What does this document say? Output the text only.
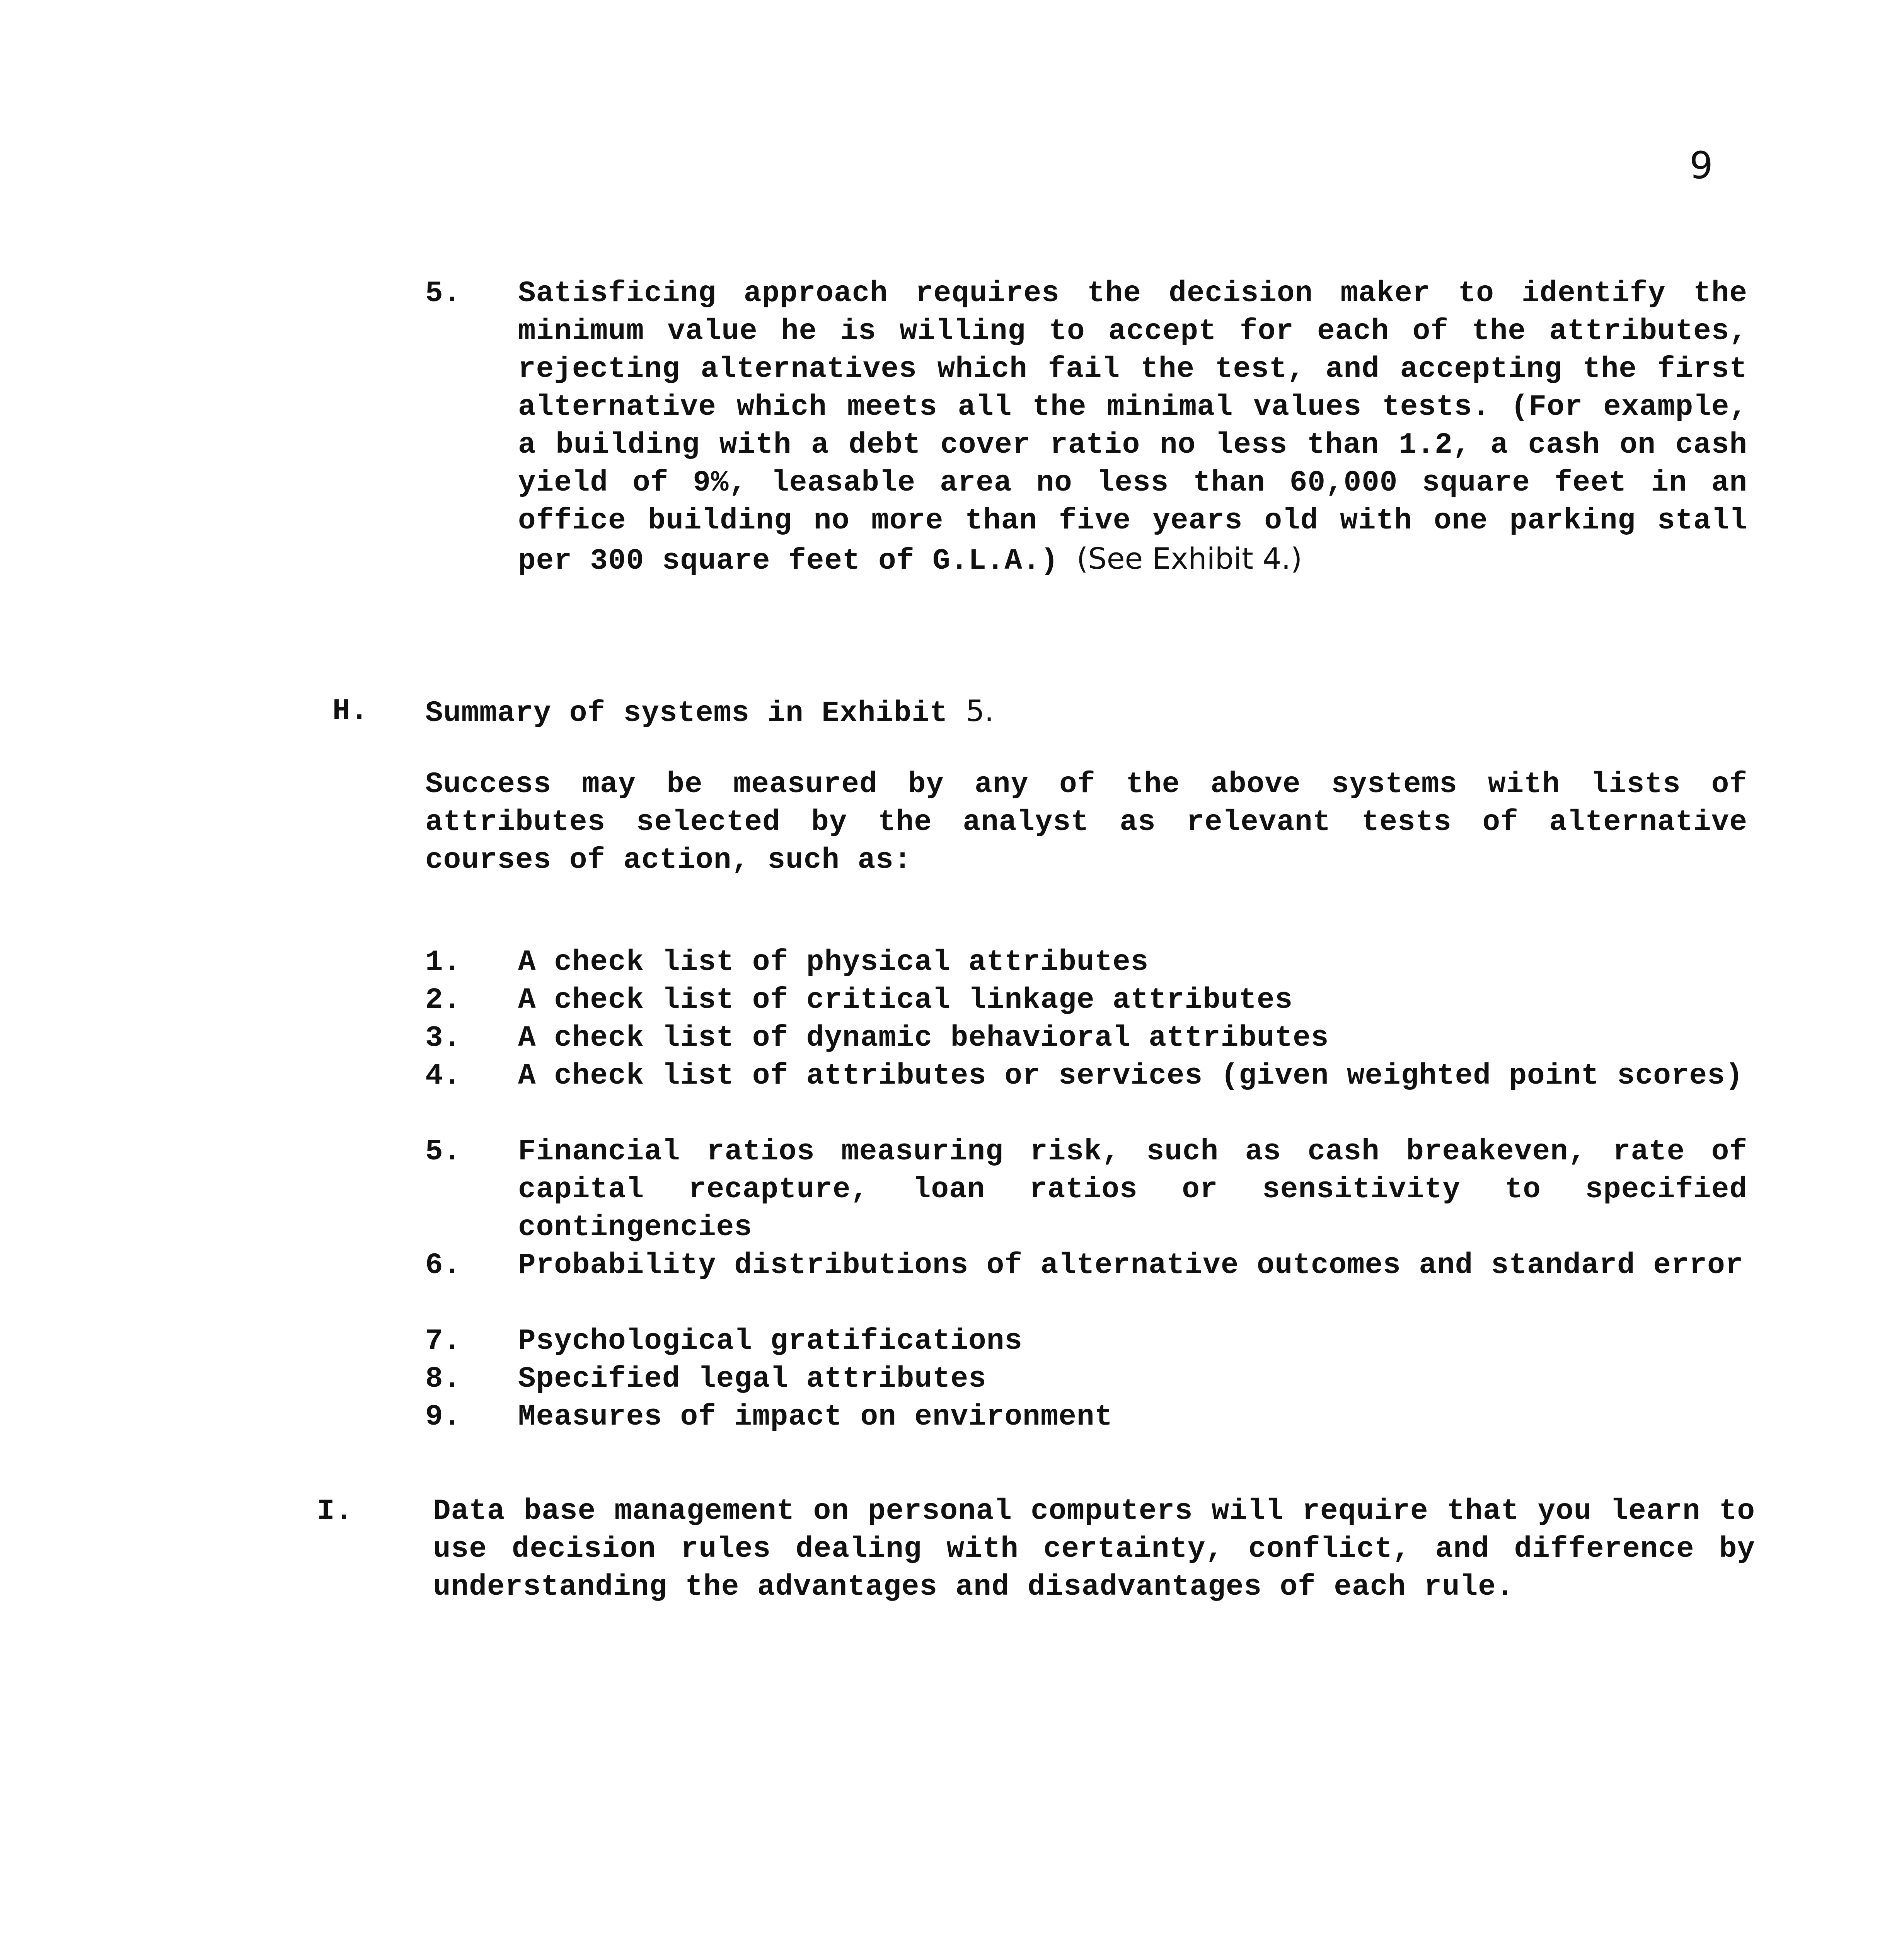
9
5. Satisficing approach requires the decision maker to identify the minimum value he is willing to accept for each of the attributes, rejecting alternatives which fail the test, and accepting the first alternative which meets all the minimal values tests. (For example, a building with a debt cover ratio no less than 1.2, a cash on cash yield of 9%, leasable area no less than 60,000 square feet in an office building no more than five years old with one parking stall per 300 square feet of G.L.A.) (See Exhibit 4.)
H. Summary of systems in Exhibit 5.
Success may be measured by any of the above systems with lists of attributes selected by the analyst as relevant tests of alternative courses of action, such as:
1. A check list of physical attributes
2. A check list of critical linkage attributes
3. A check list of dynamic behavioral attributes
4. A check list of attributes or services (given weighted point scores)
5. Financial ratios measuring risk, such as cash breakeven, rate of capital recapture, loan ratios or sensitivity to specified contingencies
6. Probability distributions of alternative outcomes and standard error
7. Psychological gratifications
8. Specified legal attributes
9. Measures of impact on environment
I.	Data base management on personal computers will require that you learn to use decision rules dealing with certainty, conflict, and difference by understanding the advantages and disadvantages of each rule.
